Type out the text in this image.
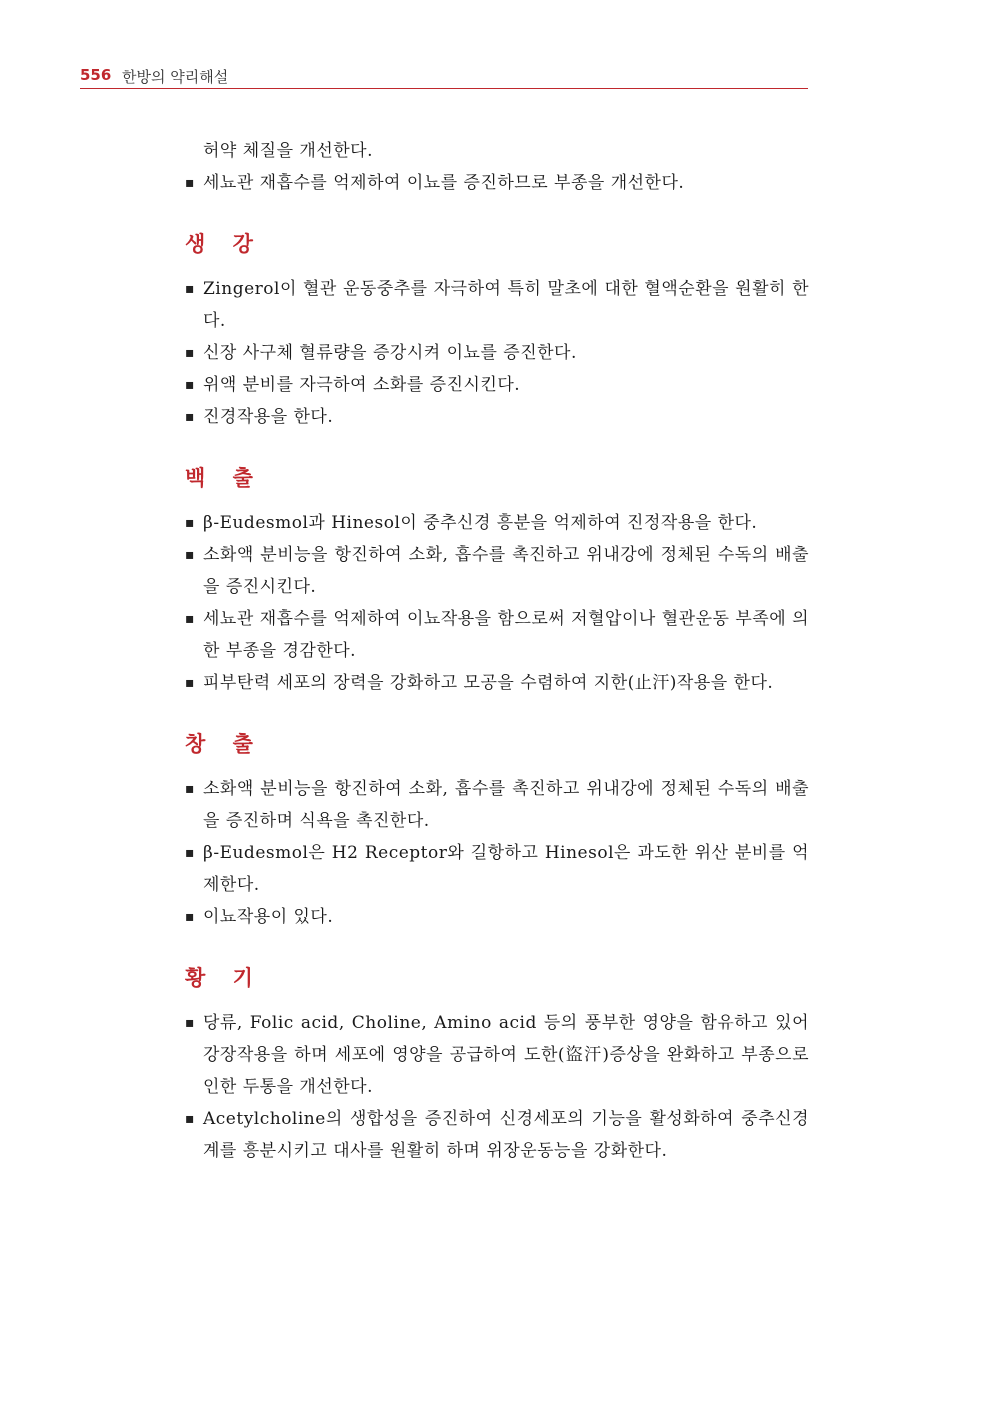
556 한방의 약리해설

허약 체질을 개선한다.

▪ 세뇨관 재흡수를 억제하여 이뇨를 증진하므로 부종을 개선한다.
생 강
▪ Zingerol이 혈관 운동중추를 자극하여 특히 말초에 대한 혈액순환을 원활히 한다.
▪ 신장 사구체 혈류량을 증강시켜 이뇨를 증진한다.
▪ 위액 분비를 자극하여 소화를 증진시킨다.
▪ 진경작용을 한다.
백 출
▪ β-Eudesmol과 Hinesol이 중추신경 흥분을 억제하여 진정작용을 한다.
▪ 소화액 분비능을 항진하여 소화, 흡수를 촉진하고 위내강에 정체된 수독의 배출을 증진시킨다.
▪ 세뇨관 재흡수를 억제하여 이뇨작용을 함으로써 저혈압이나 혈관운동 부족에 의한 부종을 경감한다.
▪ 피부탄력 세포의 장력을 강화하고 모공을 수렴하여 지한(止汗)작용을 한다.
창 출
▪ 소화액 분비능을 항진하여 소화, 흡수를 촉진하고 위내강에 정체된 수독의 배출을 증진하며 식욕을 촉진한다.
▪ β-Eudesmol은 H2 Receptor와 길항하고 Hinesol은 과도한 위산 분비를 억제한다.
▪ 이뇨작용이 있다.
황 기
▪ 당류, Folic acid, Choline, Amino acid 등의 풍부한 영양을 함유하고 있어 강장작용을 하며 세포에 영양을 공급하여 도한(盜汗)증상을 완화하고 부종으로 인한 두통을 개선한다.
▪ Acetylcholine의 생합성을 증진하여 신경세포의 기능을 활성화하여 중추신경계를 흥분시키고 대사를 원활히 하며 위장운동능을 강화한다.
